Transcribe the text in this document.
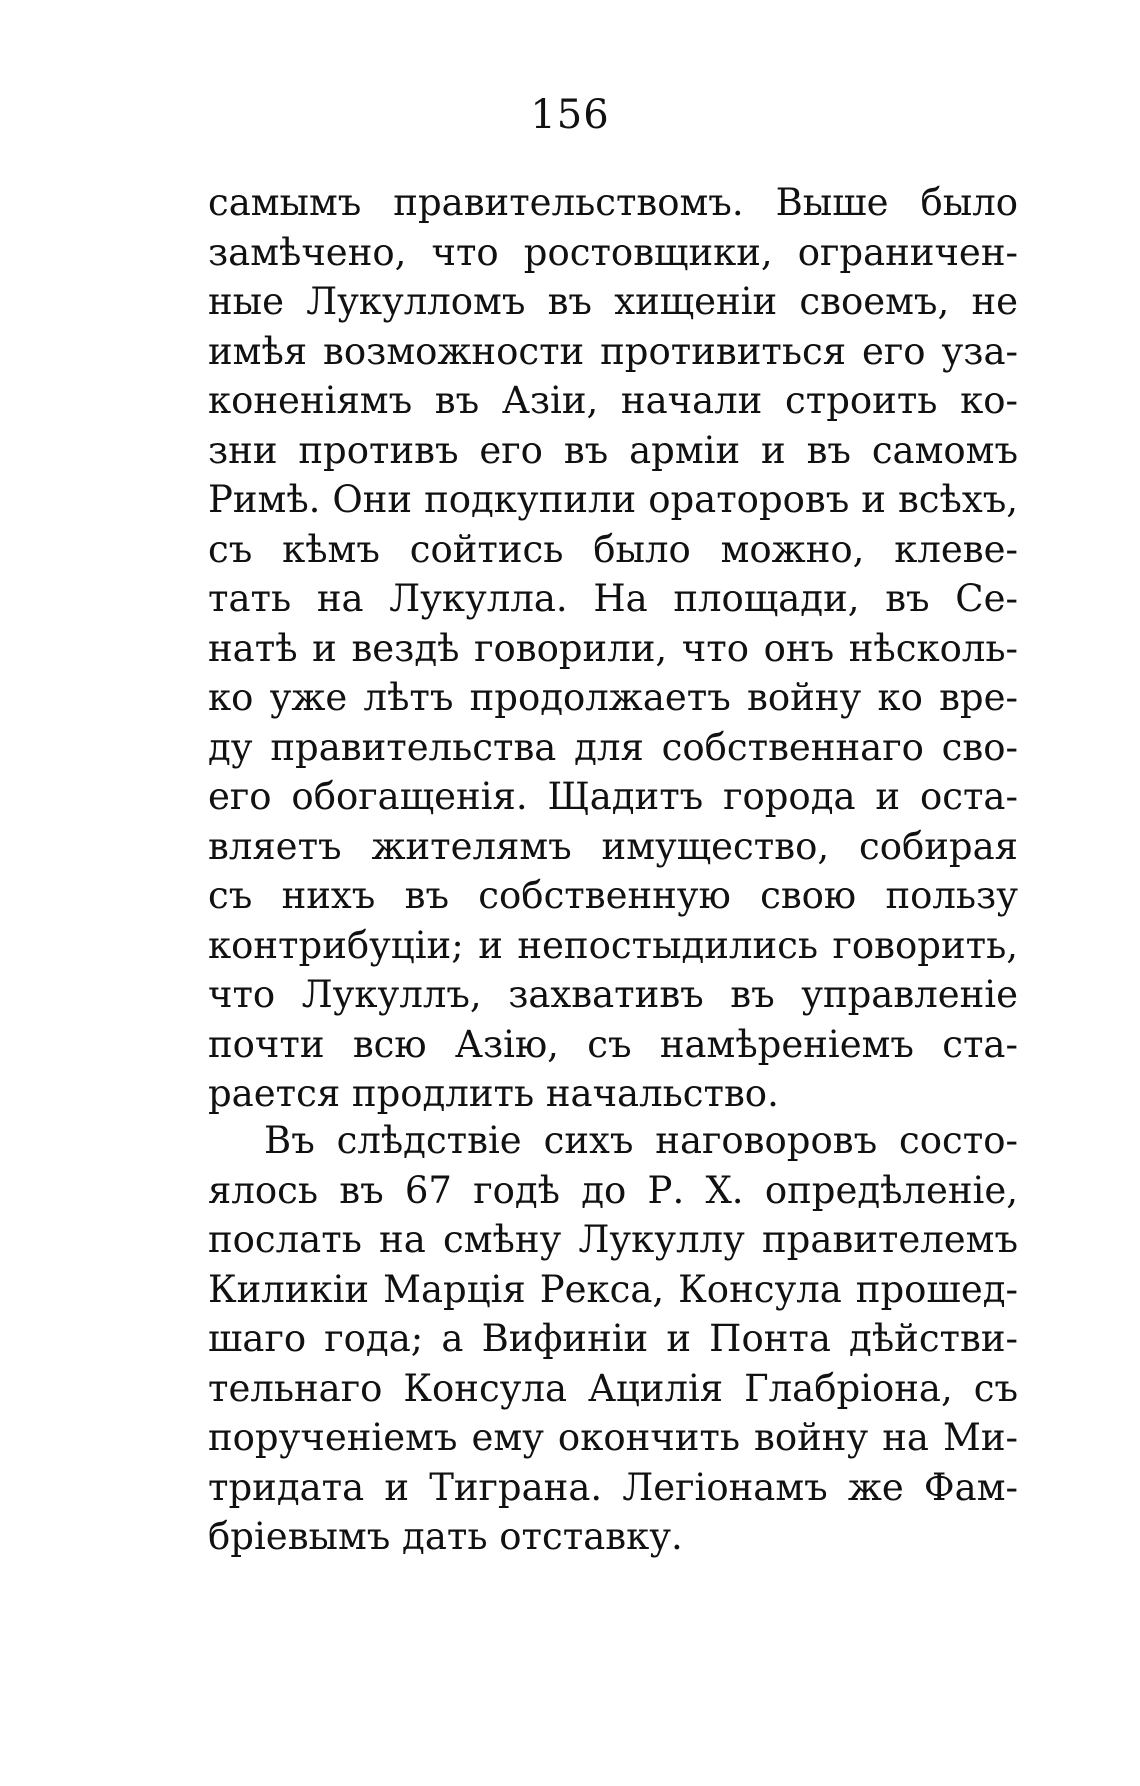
156
самымъ правительствомъ. Выше было
замѣчено, что ростовщики, ограничен-
ные Лукулломъ въ хищеніи своемъ, не
имѣя возможности противиться его уза-
коненіямъ въ Азіи, начали строить ко-
зни противъ его въ арміи и въ самомъ
Римѣ. Они подкупили ораторовъ и всѣхъ,
съ кѣмъ сойтись было можно, клеве-
тать на Лукулла. На площади, въ Се-
натѣ и вездѣ говорили, что онъ нѣсколь-
ко уже лѣтъ продолжаетъ войну ко вре-
ду правительства для собственнаго сво-
его обогащенія. Щадитъ города и оста-
вляетъ жителямъ имущество, собирая
съ нихъ въ собственную свою пользу
контрибуціи; и непостыдились говорить,
что Лукуллъ, захвативъ въ управленіе
почти всю Азію, съ намѣреніемъ ста-
рается продлить начальство.
Въ слѣдствіе сихъ наговоровъ состо-
ялось въ 67 годѣ до Р. Х. опредѣленіе,
послать на смѣну Лукуллу правителемъ
Киликіи Марція Рекса, Консула прошед-
шаго года; а Вифиніи и Понта дѣйстви-
тельнаго Консула Ацилія Глабріона, съ
порученіемъ ему окончить войну на Ми-
тридата и Тиграна. Легіонамъ же Фам-
бріевымъ дать отставку.
